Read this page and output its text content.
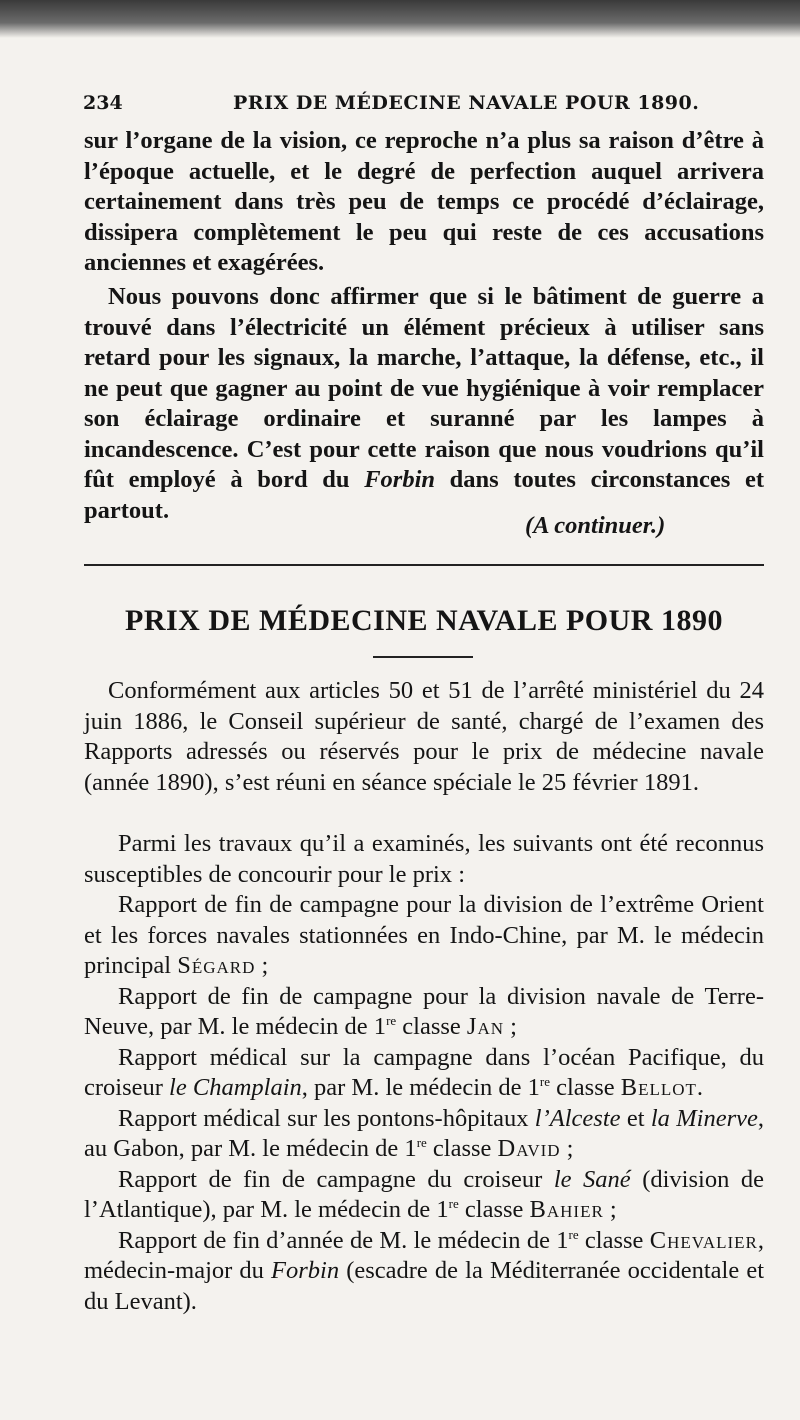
234	PRIX DE MÉDECINE NAVALE POUR 1890.

sur l’organe de la vision, ce reproche n’a plus sa raison d’être à l’époque actuelle, et le degré de perfection auquel arrivera certainement dans très peu de temps ce procédé d’éclairage, dissipera complètement le peu qui reste de ces accusations anciennes et exagérées.

Nous pouvons donc affirmer que si le bâtiment de guerre a trouvé dans l’électricité un élément précieux à utiliser sans retard pour les signaux, la marche, l’attaque, la défense, etc., il ne peut que gagner au point de vue hygiénique à voir remplacer son éclairage ordinaire et suranné par les lampes à incandescence. C’est pour cette raison que nous voudrions qu’il fût employé à bord du Forbin dans toutes circonstances et partout.

(A continuer.)
PRIX DE MÉDECINE NAVALE POUR 1890

Conformément aux articles 50 et 51 de l’arrêté ministériel du 24 juin 1886, le Conseil supérieur de santé, chargé de l’examen des Rapports adressés ou réservés pour le prix de médecine navale (année 1890), s’est réuni en séance spéciale le 25 février 1891.

Parmi les travaux qu’il a examinés, les suivants ont été reconnus susceptibles de concourir pour le prix :

Rapport de fin de campagne pour la division de l’extrême Orient et les forces navales stationnées en Indo-Chine, par M. le médecin principal Ségard ;

Rapport de fin de campagne pour la division navale de Terre-Neuve, par M. le médecin de 1re classe Jan ;

Rapport médical sur la campagne dans l’océan Pacifique, du croiseur le Champlain, par M. le médecin de 1re classe Bellot.

Rapport médical sur les pontons-hôpitaux l’Alceste et la Minerve, au Gabon, par M. le médecin de 1re classe David ;

Rapport de fin de campagne du croiseur le Sané (division de l’Atlantique), par M. le médecin de 1re classe Bahier ;

Rapport de fin d’année de M. le médecin de 1re classe Chevalier, médecin-major du Forbin (escadre de la Méditerranée occidentale et du Levant).
